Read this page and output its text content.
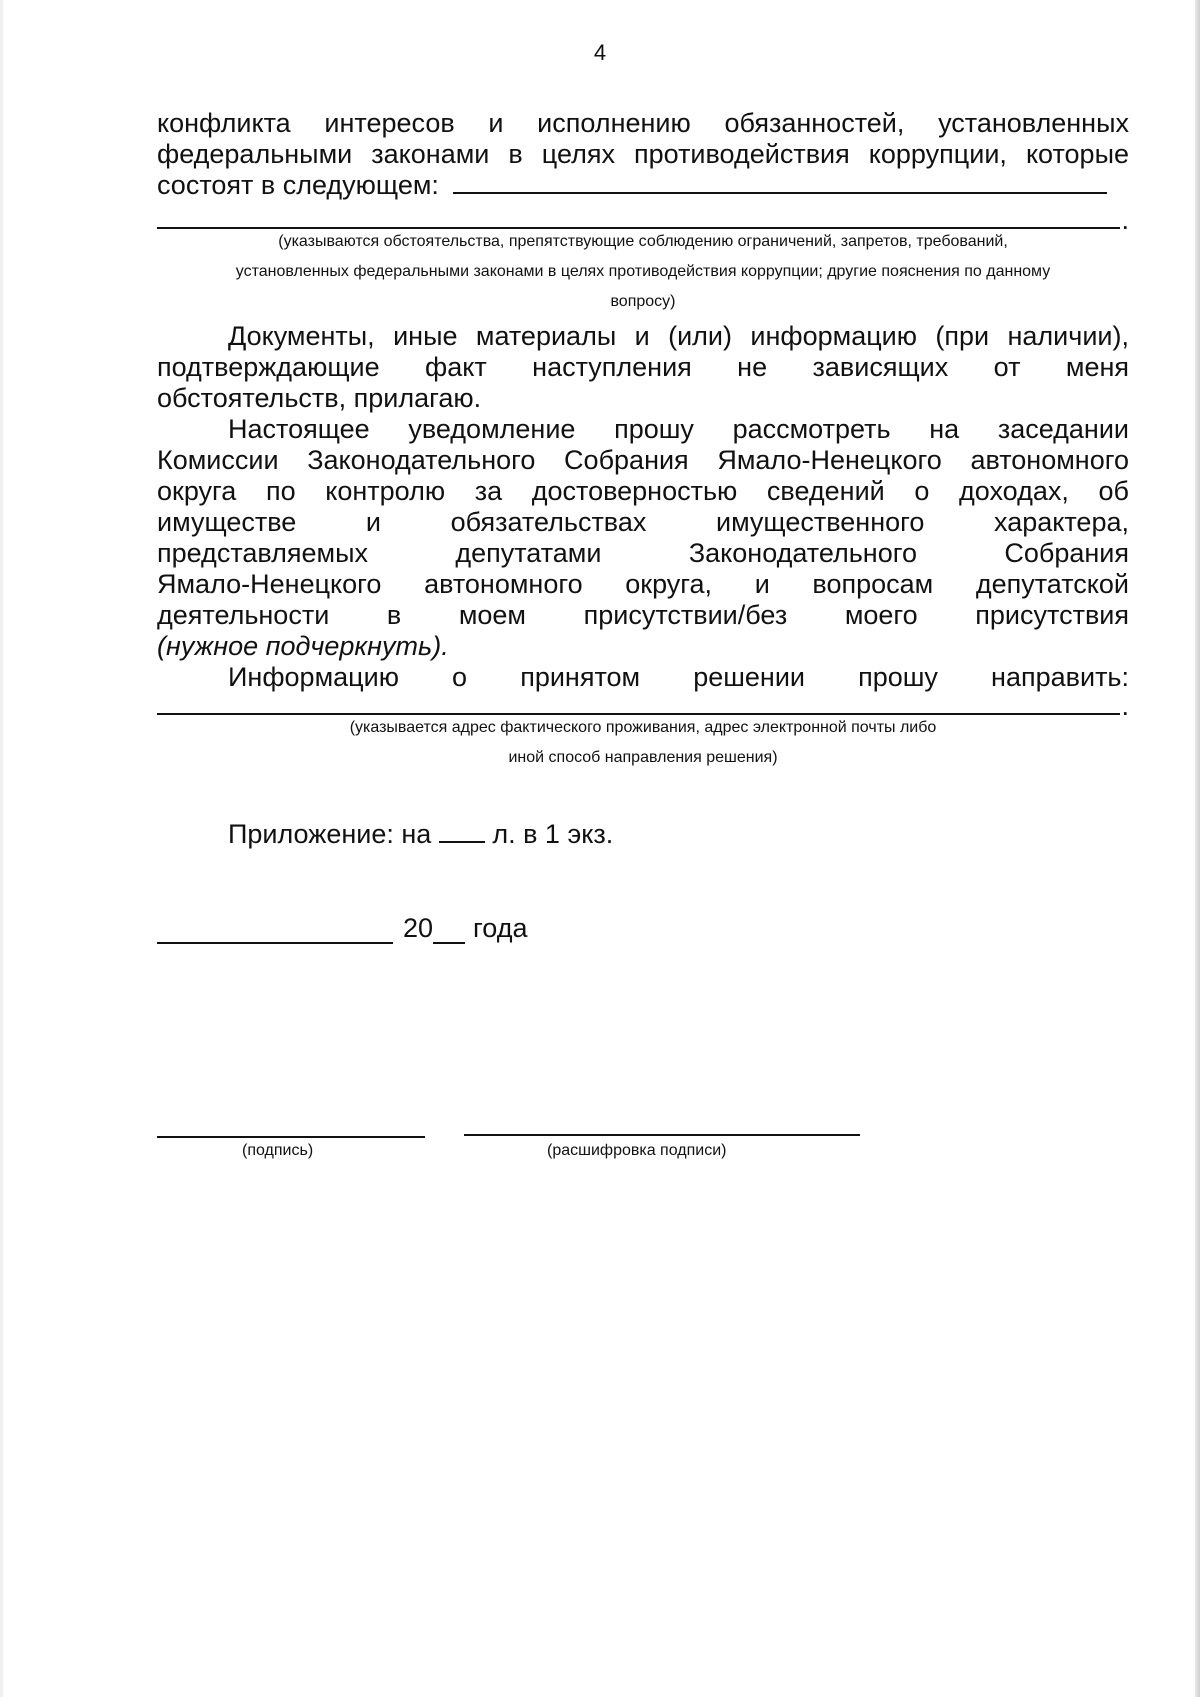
4

конфликта интересов и исполнению обязанностей, установленных
федеральными законами в целях противодействия коррупции, которые
состоят в следующем:

.

(указываются обстоятельства, препятствующие соблюдению ограничений, запретов, требований,

установленных федеральными законами в целях противодействия коррупции; другие пояснения по данному

вопросу)

Документы, иные материалы и (или) информацию (при наличии),
подтверждающие факт наступления не зависящих от меня
обстоятельств, прилагаю.

Настоящее уведомление прошу рассмотреть на заседании
Комиссии Законодательного Собрания Ямало-Ненецкого автономного
округа по контролю за достоверностью сведений о доходах, об
имуществе и обязательствах имущественного характера,
представляемых депутатами Законодательного Собрания
Ямало-Ненецкого автономного округа, и вопросам депутатской
деятельности в моем присутствии/без моего присутствия
(нужное подчеркнуть).

Информацию о принятом решении прошу направить:

.

(указывается адрес фактического проживания, адрес электронной почты либо

иной способ направления решения)

Приложение: на л. в 1 экз.

20 года
(подпись)	(расшифровка подписи)
